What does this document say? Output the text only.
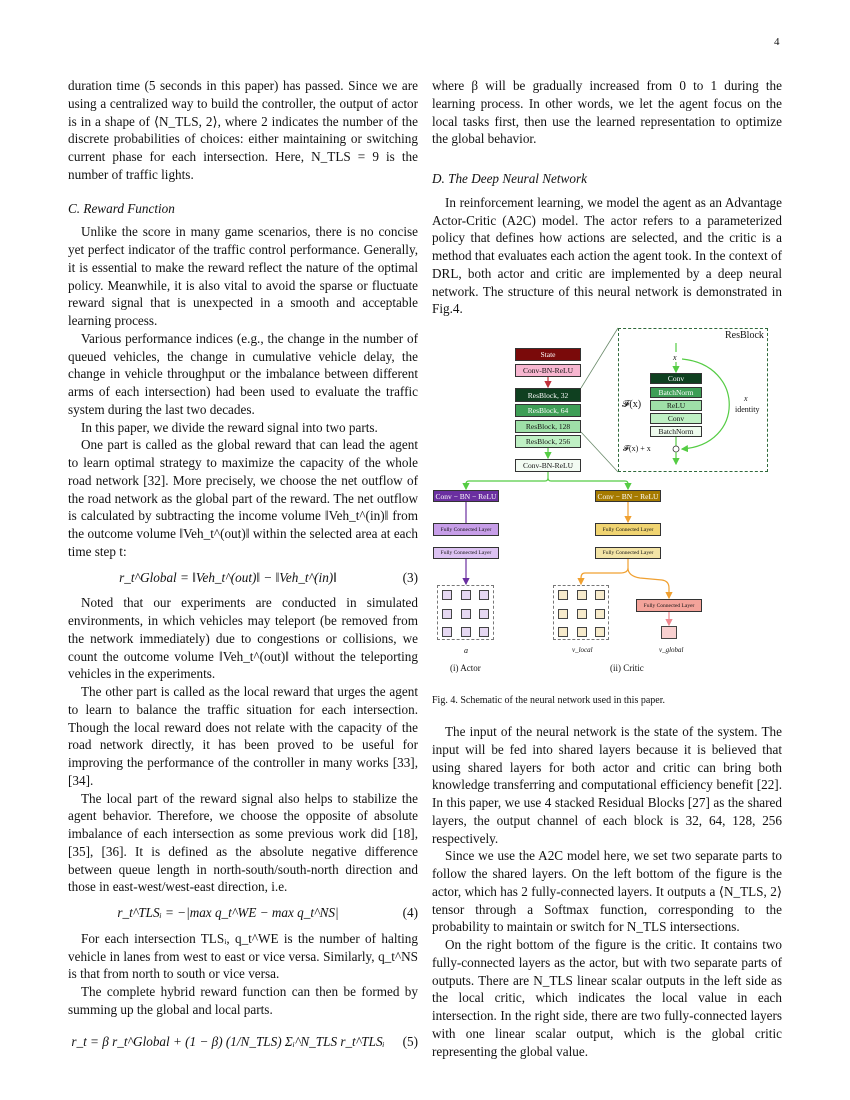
4

duration time (5 seconds in this paper) has passed. Since we are using a centralized way to build the controller, the output of actor is in a shape of ⟨N_TLS, 2⟩, where 2 indicates the number of the discrete probabilities of choices: either maintaining or switching current phase for each intersection. Here, N_TLS = 9 is the number of traffic lights.

C. Reward Function

Unlike the score in many game scenarios, there is no concise yet perfect indicator of the traffic control performance. Generally, it is essential to make the reward reflect the nature of the optimal policy. Meanwhile, it is also vital to avoid the sparse or fluctuate reward signal that is unexpected in a smooth and acceptable learning process.

Various performance indices (e.g., the change in the number of queued vehicles, the change in cumulative vehicle delay, the change in vehicle throughput or the imbalance between different arms of each intersection) had been used to evaluate the traffic system during the last two decades.

In this paper, we divide the reward signal into two parts.

One part is called as the global reward that can lead the agent to learn optimal strategy to maximize the capacity of the whole road network [32]. More precisely, we choose the net outflow of the road network as the global part of the reward. The net outflow is calculated by subtracting the income volume ‖Veh_t^(in)‖ from the outcome volume ‖Veh_t^(out)‖ within the selected area at each time step t:

r_t^Global = ‖Veh_t^(out)‖ − ‖Veh_t^(in)‖	(3)

Noted that our experiments are conducted in simulated environments, in which vehicles may teleport (be removed from the network immediately) due to congestions or collisions, we count the outcome volume ‖Veh_t^(out)‖ without the teleporting vehicles in the experiments.

The other part is called as the local reward that urges the agent to learn to balance the traffic situation for each intersection. Though the local reward does not relate with the capacity of the road network directly, it has been proved to be useful for improving the performance of the controller in many works [33], [34].

The local part of the reward signal also helps to stabilize the agent behavior. Therefore, we choose the opposite of absolute imbalance of each intersection as some previous work did [18], [35], [36]. It is defined as the absolute negative difference between queue length in north-south/south-north direction and those in east-west/west-east direction, i.e.

r_t^TLSᵢ = −|max q_t^WE − max q_t^NS|	(4)

For each intersection TLSᵢ, q_t^WE is the number of halting vehicle in lanes from west to east or vice versa. Similarly, q_t^NS is that from north to south or vice versa.

The complete hybrid reward function can then be formed by summing up the global and local parts.

r_t = β r_t^Global + (1 − β) (1/N_TLS) Σᵢ^N_TLS r_t^TLSᵢ (5)

where β will be gradually increased from 0 to 1 during the learning process. In other words, we let the agent focus on the local tasks first, then use the learned representation to optimize the global behavior.

D. The Deep Neural Network

In reinforcement learning, we model the agent as an Advantage Actor-Critic (A2C) model. The actor refers to a parameterized policy that defines how actions are selected, and the critic is a method that evaluates each action the agent took. In the context of DRL, both actor and critic are implemented by a deep neural network. The structure of this neural network is demonstrated in Fig.4.

State
Conv-BN-ReLU
ResBlock, 32
ResBlock, 64
ResBlock, 128
ResBlock, 256
Conv-BN-ReLU
ResBlock
x
Conv
BatchNorm
ReLU
Conv
BatchNorm
𝓕(x)
𝓕(x) + x
x
identity
Conv − BN − ReLU	Conv − BN − ReLU
Fully Connected Layer
Fully Connected Layer
Fully Connected Layer
Fully Connected Layer
Fully Connected Layer
a	v_local	v_global
(i) Actor	(ii) Critic
Fig. 4. Schematic of the neural network used in this paper.

The input of the neural network is the state of the system. The input will be fed into shared layers because it is believed that using shared layers for both actor and critic can bring both knowledge transferring and computational efficiency benefit [22]. In this paper, we use 4 stacked Residual Blocks [27] as the shared layers, the output channel of each block is 32, 64, 128, 256 respectively.

Since we use the A2C model here, we set two separate parts to follow the shared layers. On the left bottom of the figure is the actor, which has 2 fully-connected layers. It outputs a ⟨N_TLS, 2⟩ tensor through a Softmax function, corresponding to the probability to maintain or switch for N_TLS intersections.

On the right bottom of the figure is the critic. It contains two fully-connected layers as the actor, but with two separate parts of outputs. There are N_TLS linear scalar outputs in the left side as the local critic, which indicates the local value in each intersection. In the right side, there are two fully-connected layers with one linear scalar output, which is the global critic representing the global value.
